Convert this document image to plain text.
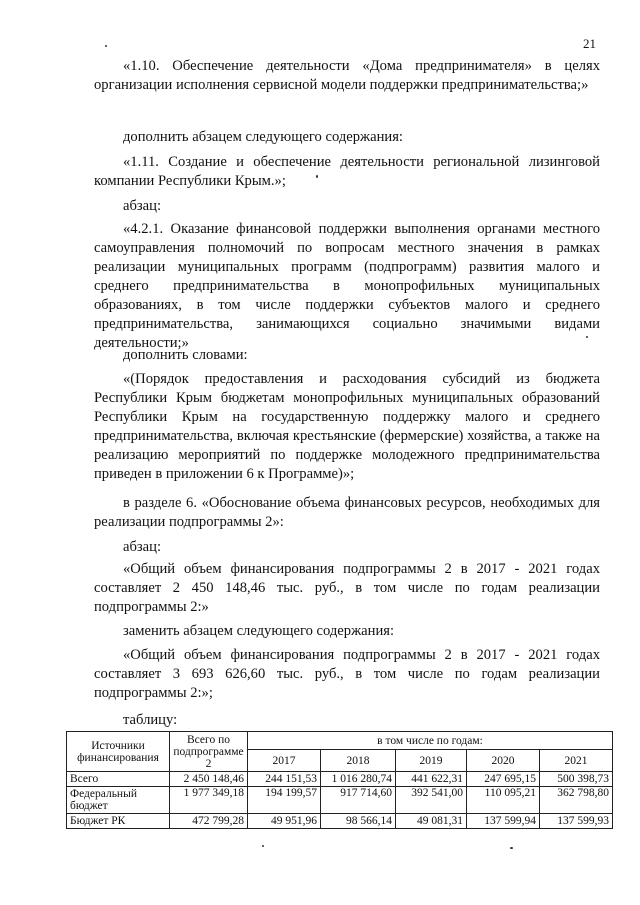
21

«1.10. Обеспечение деятельности «Дома предпринимателя» в целях организации исполнения сервисной модели поддержки предпринимательства;»

дополнить абзацем следующего содержания:

«1.11. Создание и обеспечение деятельности региональной лизинговой компании Республики Крым.»;

абзац:

«4.2.1. Оказание финансовой поддержки выполнения органами местного самоуправления полномочий по вопросам местного значения в рамках реализации муниципальных программ (подпрограмм) развития малого и среднего предпринимательства в монопрофильных муниципальных образованиях, в том числе поддержки субъектов малого и среднего предпринимательства, занимающихся социально значимыми видами деятельности;»

дополнить словами:

«(Порядок предоставления и расходования субсидий из бюджета Республики Крым бюджетам монопрофильных муниципальных образований Республики Крым на государственную поддержку малого и среднего предпринимательства, включая крестьянские (фермерские) хозяйства, а также на реализацию мероприятий по поддержке молодежного предпринимательства приведен в приложении 6 к Программе)»;

в разделе 6. «Обоснование объема финансовых ресурсов, необходимых для реализации подпрограммы 2»:

абзац:

«Общий объем финансирования подпрограммы 2 в 2017 - 2021 годах составляет 2 450 148,46 тыс. руб., в том числе по годам реализации подпрограммы 2:»

заменить абзацем следующего содержания:

«Общий объем финансирования подпрограммы 2 в 2017 - 2021 годах составляет 3 693 626,60 тыс. руб., в том числе по годам реализации подпрограммы 2:»;

таблицу:

Источники финансирования	Всего по подпрограмме 2	в том числе по годам:				
		2017	2018	2019	2020	2021
Всего	2 450 148,46	244 151,53	1 016 280,74	441 622,31	247 695,15	500 398,73
Федеральный бюджет	1 977 349,18	194 199,57	917 714,60	392 541,00	110 095,21	362 798,80
Бюджет РК	472 799,28	49 951,96	98 566,14	49 081,31	137 599,94	137 599,93
